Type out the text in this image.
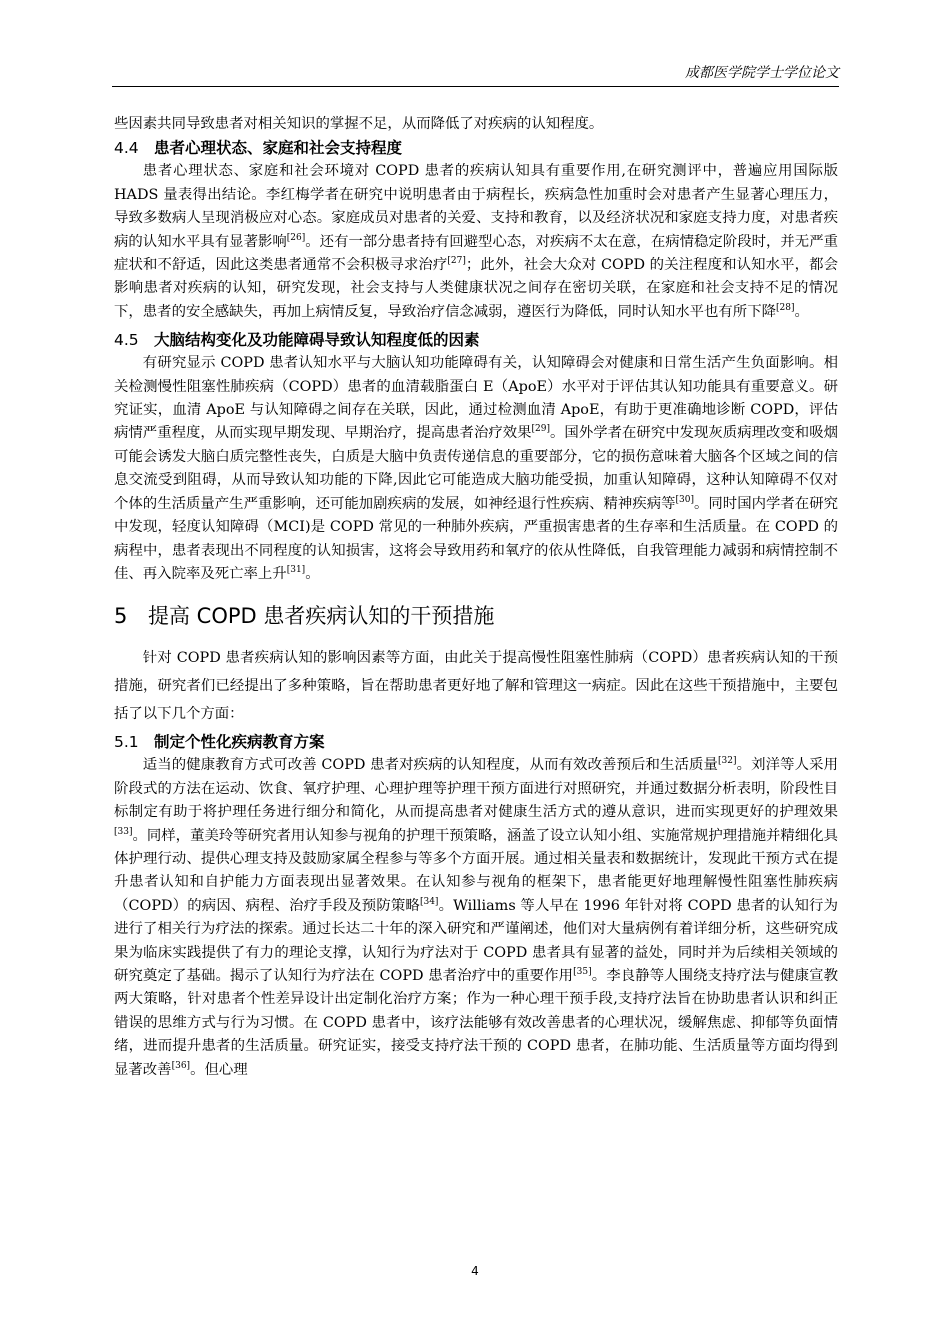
成都医学院学士学位论文

些因素共同导致患者对相关知识的掌握不足，从而降低了对疾病的认知程度。

4.4 患者心理状态、家庭和社会支持程度

患者心理状态、家庭和社会环境对 COPD 患者的疾病认知具有重要作用,在研究测评中，普遍应用国际版 HADS 量表得出结论。李红梅学者在研究中说明患者由于病程长，疾病急性加重时会对患者产生显著心理压力，导致多数病人呈现消极应对心态。家庭成员对患者的关爱、支持和教育，以及经济状况和家庭支持力度，对患者疾病的认知水平具有显著影响[26]。还有一部分患者持有回避型心态，对疾病不太在意，在病情稳定阶段时，并无严重症状和不舒适，因此这类患者通常不会积极寻求治疗[27]；此外，社会大众对 COPD 的关注程度和认知水平，都会影响患者对疾病的认知，研究发现，社会支持与人类健康状况之间存在密切关联，在家庭和社会支持不足的情况下，患者的安全感缺失，再加上病情反复，导致治疗信念减弱，遵医行为降低，同时认知水平也有所下降[28]。

4.5 大脑结构变化及功能障碍导致认知程度低的因素

有研究显示 COPD 患者认知水平与大脑认知功能障碍有关，认知障碍会对健康和日常生活产生负面影响。相关检测慢性阻塞性肺疾病（COPD）患者的血清载脂蛋白 E（ApoE）水平对于评估其认知功能具有重要意义。研究证实，血清 ApoE 与认知障碍之间存在关联，因此，通过检测血清 ApoE，有助于更准确地诊断 COPD，评估病情严重程度，从而实现早期发现、早期治疗，提高患者治疗效果[29]。国外学者在研究中发现灰质病理改变和吸烟可能会诱发大脑白质完整性丧失，白质是大脑中负责传递信息的重要部分，它的损伤意味着大脑各个区域之间的信息交流受到阻碍，从而导致认知功能的下降,因此它可能造成大脑功能受损，加重认知障碍，这种认知障碍不仅对个体的生活质量产生严重影响，还可能加剧疾病的发展，如神经退行性疾病、精神疾病等[30]。同时国内学者在研究中发现，轻度认知障碍（MCI)是 COPD 常见的一种肺外疾病，严重损害患者的生存率和生活质量。在 COPD 的病程中，患者表现出不同程度的认知损害，这将会导致用药和氧疗的依从性降低，自我管理能力减弱和病情控制不佳、再入院率及死亡率上升[31]。

5 提高 COPD 患者疾病认知的干预措施

针对 COPD 患者疾病认知的影响因素等方面，由此关于提高慢性阻塞性肺病（COPD）患者疾病认知的干预措施，研究者们已经提出了多种策略，旨在帮助患者更好地了解和管理这一病症。因此在这些干预措施中，主要包括了以下几个方面：

5.1 制定个性化疾病教育方案

适当的健康教育方式可改善 COPD 患者对疾病的认知程度，从而有效改善预后和生活质量[32]。刘洋等人采用阶段式的方法在运动、饮食、氧疗护理、心理护理等护理干预方面进行对照研究，并通过数据分析表明，阶段性目标制定有助于将护理任务进行细分和简化，从而提高患者对健康生活方式的遵从意识，进而实现更好的护理效果[33]。同样，董美玲等研究者用认知参与视角的护理干预策略，涵盖了设立认知小组、实施常规护理措施并精细化具体护理行动、提供心理支持及鼓励家属全程参与等多个方面开展。通过相关量表和数据统计，发现此干预方式在提升患者认知和自护能力方面表现出显著效果。在认知参与视角的框架下，患者能更好地理解慢性阻塞性肺疾病（COPD）的病因、病程、治疗手段及预防策略[34]。Williams 等人早在 1996 年针对将 COPD 患者的认知行为进行了相关行为疗法的探索。通过长达二十年的深入研究和严谨阐述，他们对大量病例有着详细分析，这些研究成果为临床实践提供了有力的理论支撑，认知行为疗法对于 COPD 患者具有显著的益处，同时并为后续相关领域的研究奠定了基础。揭示了认知行为疗法在 COPD 患者治疗中的重要作用[35]。李良静等人围绕支持疗法与健康宣教两大策略，针对患者个性差异设计出定制化治疗方案；作为一种心理干预手段,支持疗法旨在协助患者认识和纠正错误的思维方式与行为习惯。在 COPD 患者中，该疗法能够有效改善患者的心理状况，缓解焦虑、抑郁等负面情绪，进而提升患者的生活质量。研究证实，接受支持疗法干预的 COPD 患者，在肺功能、生活质量等方面均得到显著改善[36]。但心理

4
